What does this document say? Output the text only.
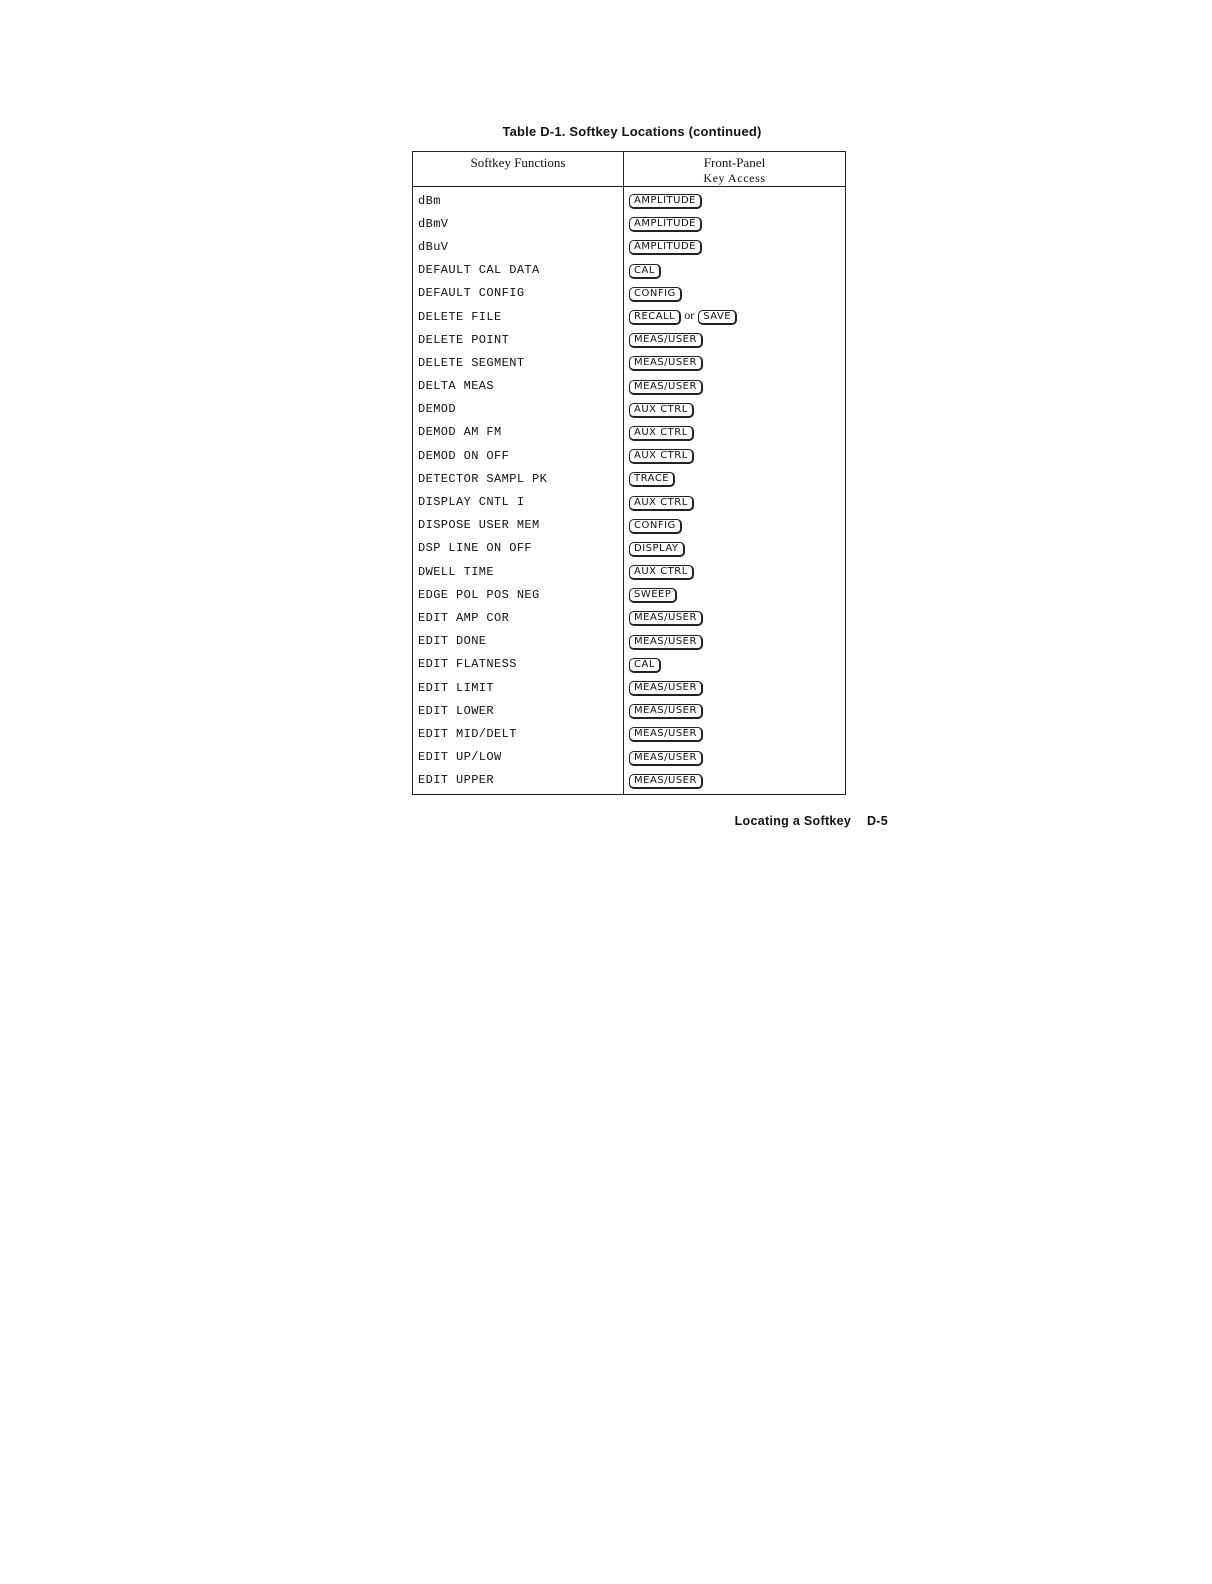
Table D-1. Softkey Locations (continued)
Softkey Functions	Front-Panel
Key Access

dBm	AMPLITUDE
dBmV	AMPLITUDE
dBuV	AMPLITUDE
DEFAULT CAL DATA	CAL
DEFAULT CONFIG	CONFIG
DELETE FILE	RECALL or SAVE
DELETE POINT	MEAS/USER
DELETE SEGMENT	MEAS/USER
DELTA MEAS	MEAS/USER
DEMOD	AUX CTRL
DEMOD AM FM	AUX CTRL
DEMOD ON OFF	AUX CTRL
DETECTOR SAMPL PK	TRACE
DISPLAY CNTL I	AUX CTRL
DISPOSE USER MEM	CONFIG
DSP LINE ON OFF	DISPLAY
DWELL TIME	AUX CTRL
EDGE POL POS NEG	SWEEP
EDIT AMP COR	MEAS/USER
EDIT DONE	MEAS/USER
EDIT FLATNESS	CAL
EDIT LIMIT	MEAS/USER
EDIT LOWER	MEAS/USER
EDIT MID/DELT	MEAS/USER
EDIT UP/LOW	MEAS/USER
EDIT UPPER	MEAS/USER
Locating a Softkey D-5
